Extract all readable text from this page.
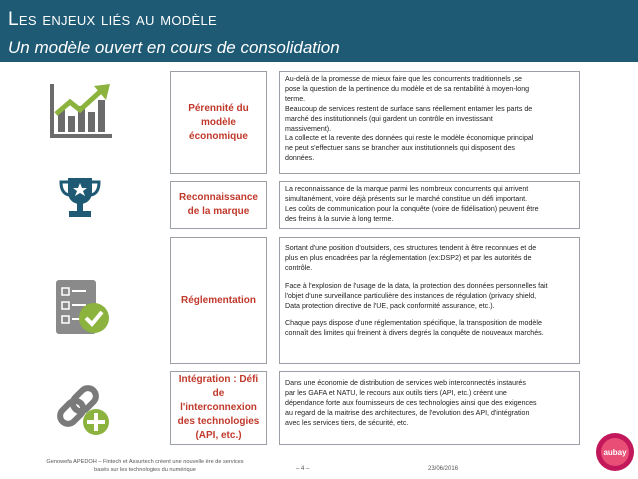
Les enjeux liés au modèle
Un modèle ouvert en cours de consolidation
Pérennité du
modèle
économique
Reconnaissance
de la marque
Réglementation
Intégration : Défi
de
l'interconnexion
des technologies
(API, etc.)

Au-delà de la promesse de mieux faire que les concurrents traditionnels ,se

pose la question de la pertinence du modèle et de sa rentabilité à moyen-long

terme.

Beaucoup de services restent de surface sans réellement entamer les parts de

marché des institutionnels (qui gardent un contrôle en investissant

massivement).

La collecte et la revente des données qui reste le modèle économique principal

ne peut s'effectuer sans se brancher aux institutionnels qui disposent des

données.

La reconnaissance de la marque parmi les nombreux concurrents qui arrivent

simultanément, voire déjà présents sur le marché constitue un défi important.

Les coûts de communication pour la conquête (voire de fidélisation) peuvent être

des freins à la survie à long terme.

Sortant d'une position d'outsiders, ces structures tendent à être reconnues et de

plus en plus encadrées par la réglementation (ex:DSP2) et par les autorités de

contrôle.

Face à l'explosion de l'usage de la data, la protection des données personnelles fait

l'objet d'une surveillance particulière des instances de régulation (privacy shield,

Data protection directive de l'UE, pack conformité assurance, etc.).

Chaque pays dispose d'une réglementation spécifique, la transposition de modèle

connaît des limites qui freinent à divers degrés la conquête de nouveaux marchés.

Dans une économie de distribution de services web interconnectés instaurés

par les GAFA et NATU, le recours aux outils tiers (API, etc.) créent une

dépendance forte aux fournisseurs de ces technologies ainsi que des exigences

au regard de la maitrise des architectures, de l'evolution des API, d'intégration

avec les services tiers, de sécurité, etc.

Genowefa APEDOH – Fintech et Assurtech créent une nouvelle ère de services
basés sur les technologies du numérique	– 4 –	23/06/2016
aubay
